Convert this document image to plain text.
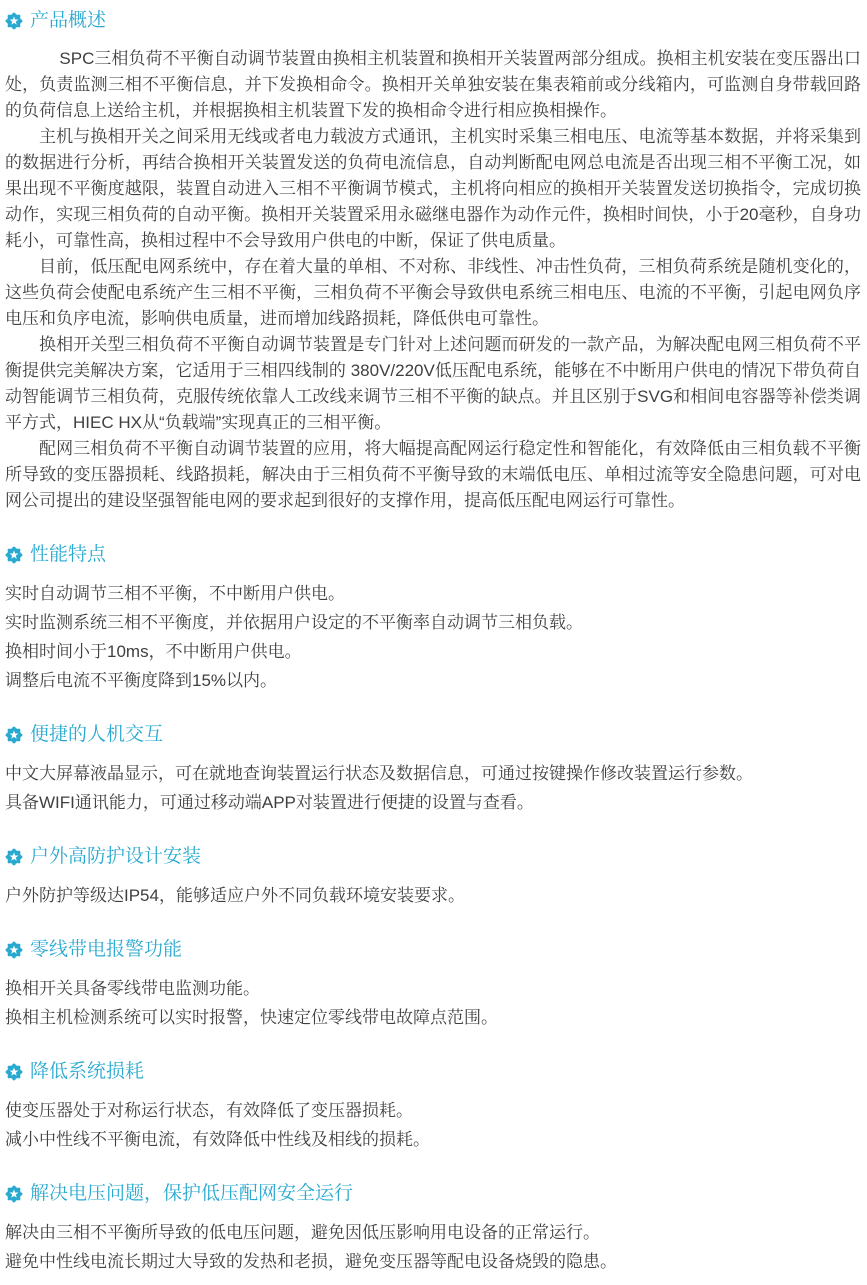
产品概述

SPC三相负荷不平衡自动调节装置由换相主机装置和换相开关装置两部分组成。换相主机安装在变压器出口处，负责监测三相不平衡信息，并下发换相命令。换相开关单独安装在集表箱前或分线箱内，可监测自身带载回路的负荷信息上送给主机，并根据换相主机装置下发的换相命令进行相应换相操作。

主机与换相开关之间采用无线或者电力载波方式通讯，主机实时采集三相电压、电流等基本数据，并将采集到的数据进行分析，再结合换相开关装置发送的负荷电流信息，自动判断配电网总电流是否出现三相不平衡工况，如果出现不平衡度越限，装置自动进入三相不平衡调节模式，主机将向相应的换相开关装置发送切换指令，完成切换动作，实现三相负荷的自动平衡。换相开关装置采用永磁继电器作为动作元件，换相时间快，小于20毫秒，自身功耗小，可靠性高，换相过程中不会导致用户供电的中断，保证了供电质量。

目前，低压配电网系统中，存在着大量的单相、不对称、非线性、冲击性负荷，三相负荷系统是随机变化的，这些负荷会使配电系统产生三相不平衡，三相负荷不平衡会导致供电系统三相电压、电流的不平衡，引起电网负序电压和负序电流，影响供电质量，进而增加线路损耗，降低供电可靠性。

换相开关型三相负荷不平衡自动调节装置是专门针对上述问题而研发的一款产品，为解决配电网三相负荷不平衡提供完美解决方案，它适用于三相四线制的 380V/220V低压配电系统，能够在不中断用户供电的情况下带负荷自动智能调节三相负荷，克服传统依靠人工改线来调节三相不平衡的缺点。并且区别于SVG和相间电容器等补偿类调平方式，HIEC HX从“负载端”实现真正的三相平衡。

配网三相负荷不平衡自动调节装置的应用，将大幅提高配网运行稳定性和智能化，有效降低由三相负载不平衡所导致的变压器损耗、线路损耗，解决由于三相负荷不平衡导致的末端低电压、单相过流等安全隐患问题，可对电网公司提出的建设坚强智能电网的要求起到很好的支撑作用，提高低压配电网运行可靠性。

性能特点

实时自动调节三相不平衡，不中断用户供电。

实时监测系统三相不平衡度，并依据用户设定的不平衡率自动调节三相负载。

换相时间小于10ms，不中断用户供电。

调整后电流不平衡度降到15%以内。

便捷的人机交互

中文大屏幕液晶显示，可在就地查询装置运行状态及数据信息，可通过按键操作修改装置运行参数。

具备WIFI通讯能力，可通过移动端APP对装置进行便捷的设置与查看。

户外高防护设计安装

户外防护等级达IP54，能够适应户外不同负载环境安装要求。

零线带电报警功能

换相开关具备零线带电监测功能。

换相主机检测系统可以实时报警，快速定位零线带电故障点范围。

降低系统损耗

使变压器处于对称运行状态，有效降低了变压器损耗。

减小中性线不平衡电流，有效降低中性线及相线的损耗。

解决电压问题，保护低压配网安全运行

解决由三相不平衡所导致的低电压问题，避免因低压影响用电设备的正常运行。

避免中性线电流长期过大导致的发热和老损，避免变压器等配电设备烧毁的隐患。
